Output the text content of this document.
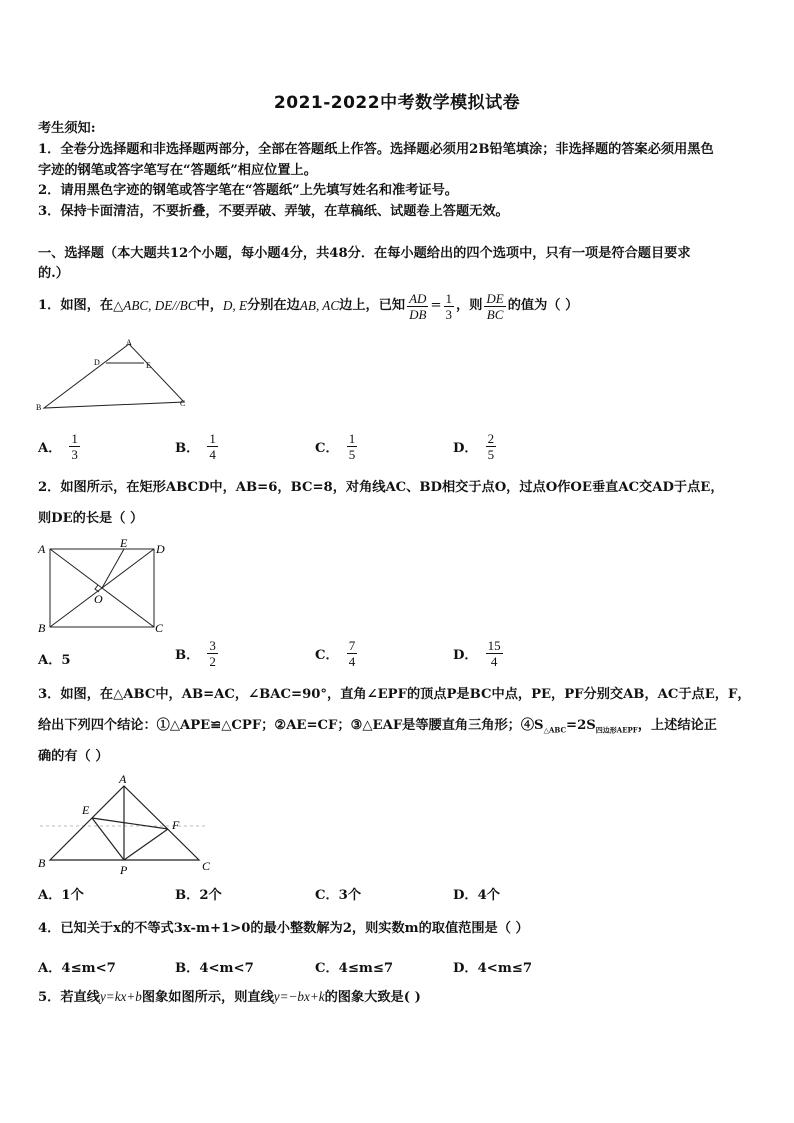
2021-2022中考数学模拟试卷
考生须知:
1．全卷分选择题和非选择题两部分，全部在答题纸上作答。选择题必须用2B铅笔填涂；非选择题的答案必须用黑色
字迹的钢笔或答字笔写在“答题纸”相应位置上。
2．请用黑色字迹的钢笔或答字笔在“答题纸”上先填写姓名和准考证号。
3．保持卡面清洁，不要折叠，不要弄破、弄皱，在草稿纸、试题卷上答题无效。
一、选择题（本大题共12个小题，每小题4分，共48分．在每小题给出的四个选项中，只有一项是符合题目要求
的.）
1．如图，在 △ABC, DE//BC 中， D, E 分别在边 AB, AC 边上，已知 $\frac{AD}{DB} = \frac{1}{3}$ ，则 $\frac{DE}{BC}$ 的值为（ ）
A
D	E
B	C
A． $\frac{1}{3}$	B． $\frac{1}{4}$	C． $\frac{1}{5}$	D． $\frac{2}{5}$
2．如图所示，在矩形ABCD中，AB=6，BC=8，对角线AC、BD相交于点O，过点O作OE垂直AC交AD于点E，
则DE的长是（ ）
A	E D
O
B	C
A．5	B． $\frac{3}{2}$	C． $\frac{7}{4}$	D． $\frac{15}{4}$
3．如图，在△ABC中，AB=AC，∠BAC=90°，直角∠EPF的顶点P是BC中点，PE，PF分别交AB，AC于点E，F，
给出下列四个结论：①△APE≌△CPF；②AE=CF；③△EAF是等腰直角三角形；$④S_{\triangle ABC}=2S_{四边形AEPF}$，上述结论正
确的有（ ）
A
E
F
B	P	C
A．1个	B．2个	C．3个	D．4个
4．已知关于x的不等式3x-m+1>0的最小整数解为2，则实数m的取值范围是（ ）
A．4≤m<7	B．4<m<7	C．4≤m≤7	D．4<m≤7
5．若直线y=kx+b图象如图所示，则直线y=−bx+k的图象大致是( )
